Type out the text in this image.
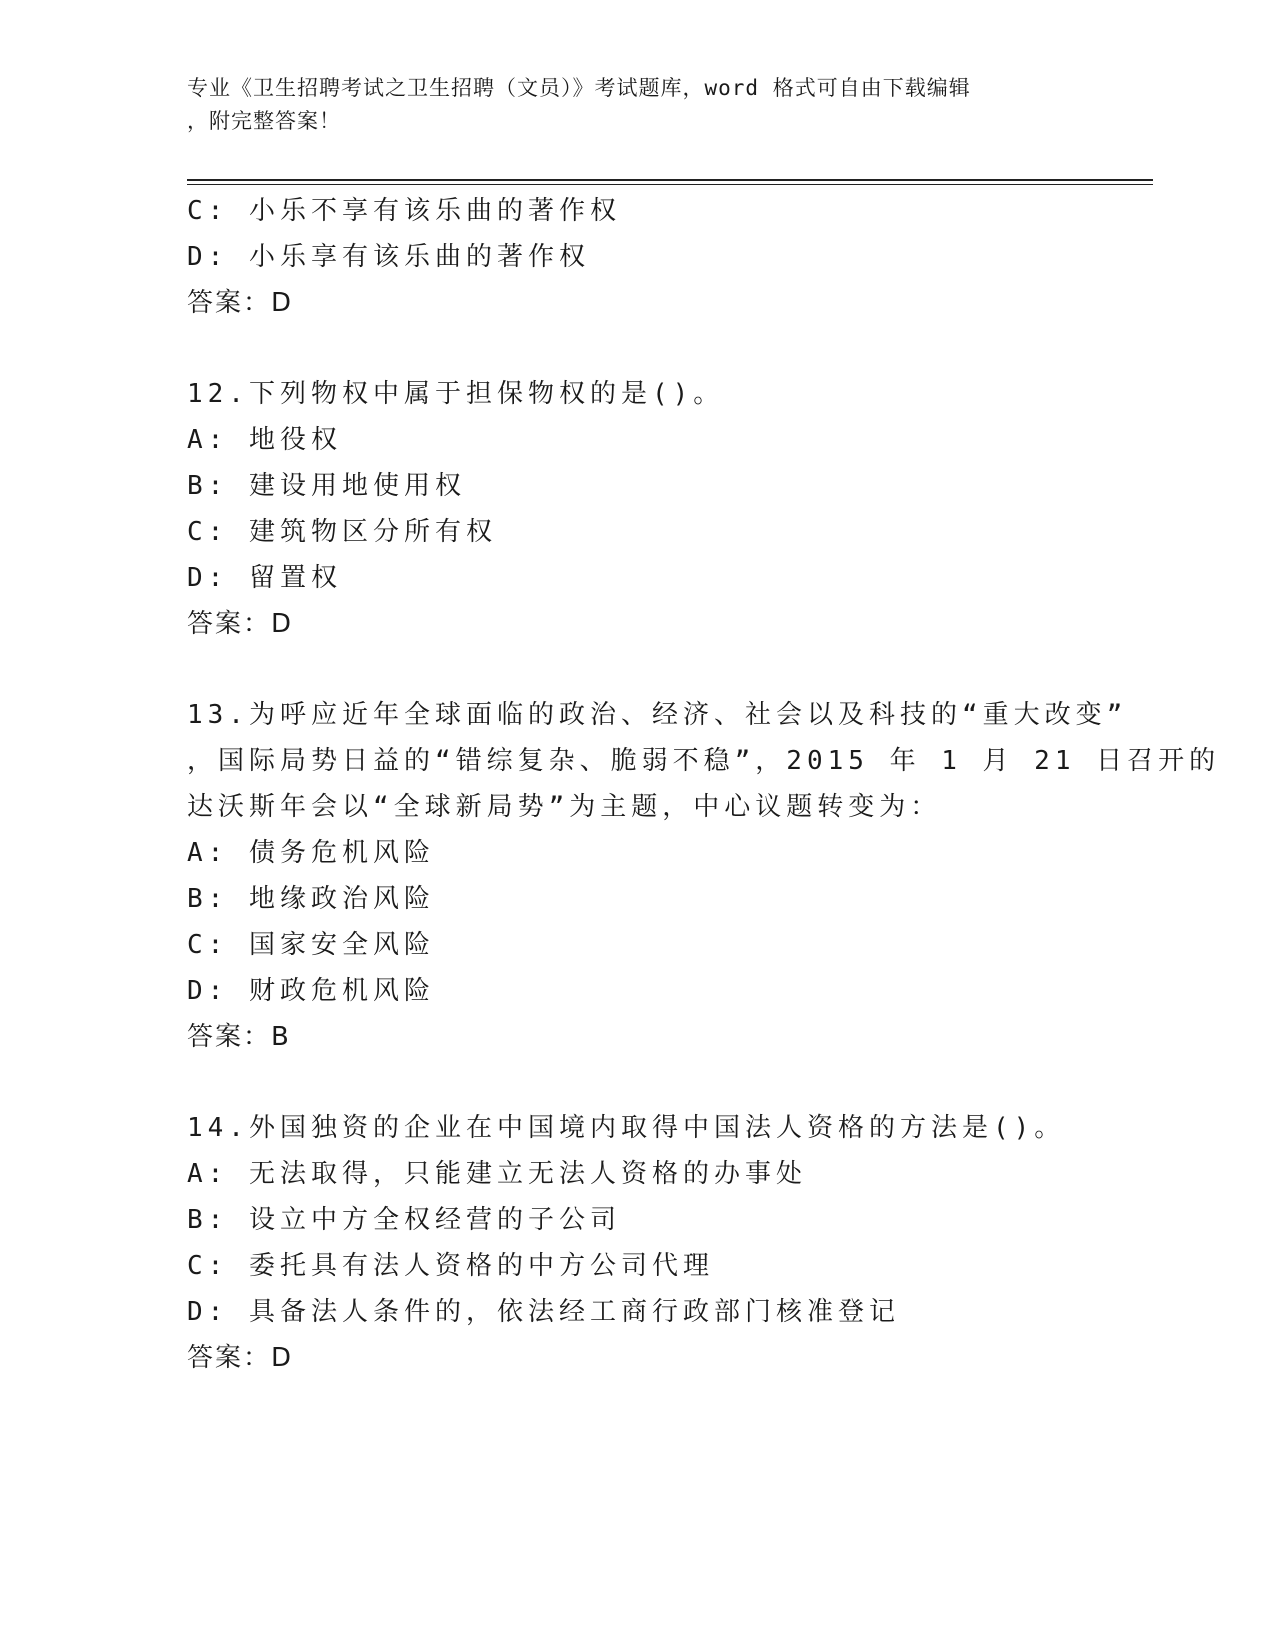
专业《卫生招聘考试之卫生招聘（文员）》考试题库，word 格式可自由下载编辑
，附完整答案！
C: 小乐不享有该乐曲的著作权
D: 小乐享有该乐曲的著作权
答案：D
12.下列物权中属于担保物权的是()。
A: 地役权
B: 建设用地使用权
C: 建筑物区分所有权
D: 留置权
答案：D
13.为呼应近年全球面临的政治、经济、社会以及科技的“重大改变”
，国际局势日益的“错综复杂、脆弱不稳”，2015 年 1 月 21 日召开的
达沃斯年会以“全球新局势”为主题，中心议题转变为：
A: 债务危机风险
B: 地缘政治风险
C: 国家安全风险
D: 财政危机风险
答案：B
14.外国独资的企业在中国境内取得中国法人资格的方法是()。
A: 无法取得，只能建立无法人资格的办事处
B: 设立中方全权经营的子公司
C: 委托具有法人资格的中方公司代理
D: 具备法人条件的，依法经工商行政部门核准登记
答案：D
